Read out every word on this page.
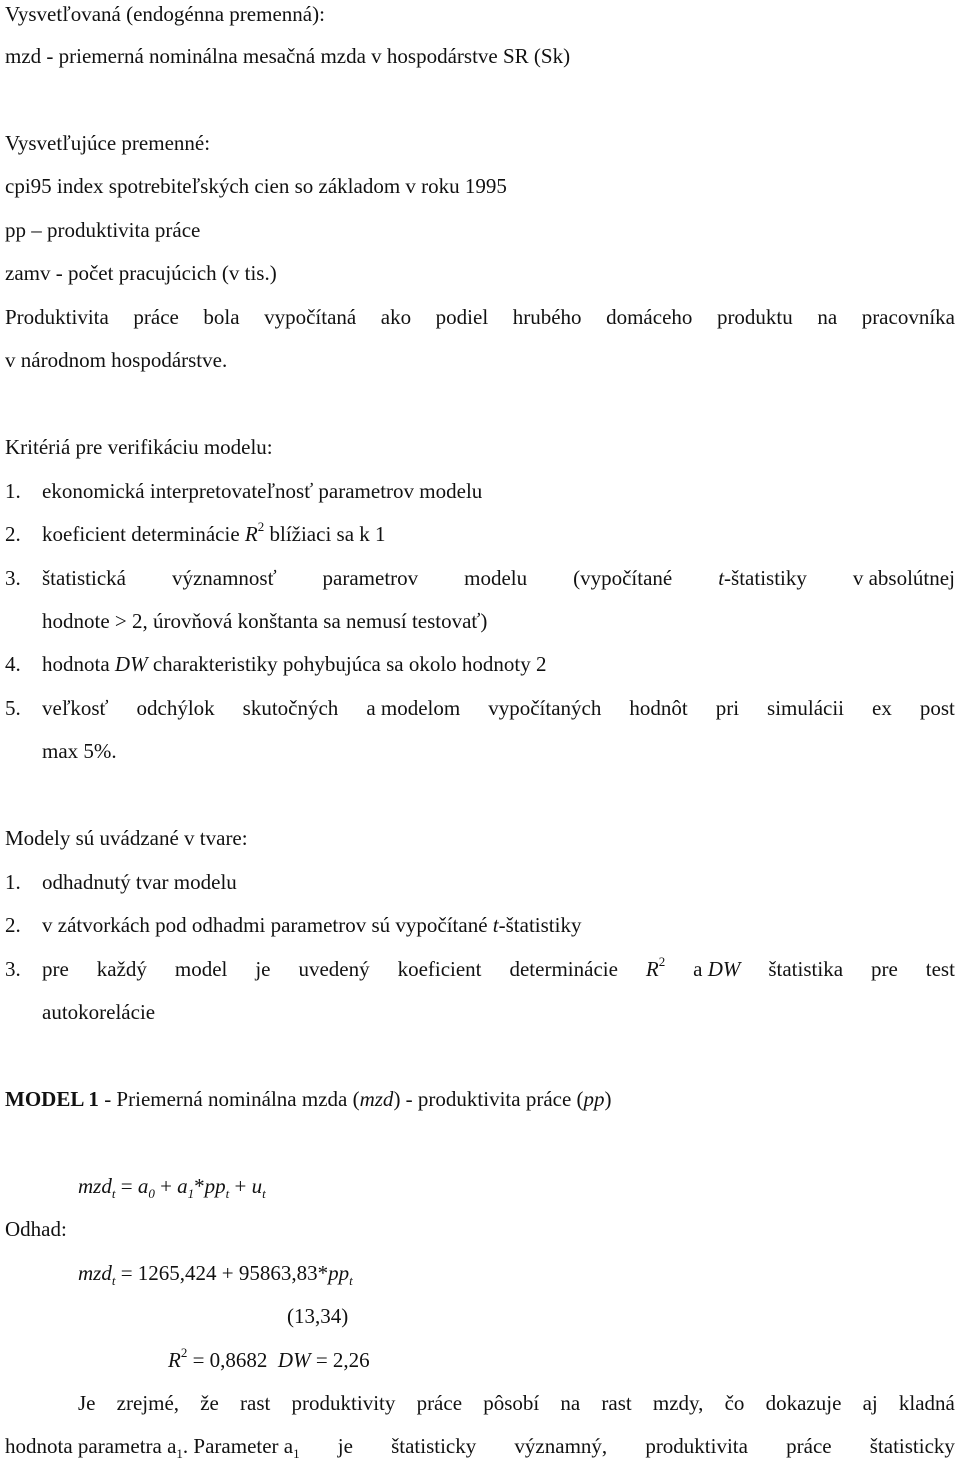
Vysvetľovaná (endogénna premenná):
mzd - priemerná nominálna mesačná mzda v hospodárstve SR (Sk)
Vysvetľujúce premenné:
cpi95 index spotrebiteľských cien so základom v roku 1995
pp – produktivita práce
zamv - počet pracujúcich (v tis.)
Produktivita práce bola vypočítaná ako podiel hrubého domáceho produktu na pracovníka
v národnom hospodárstve.
Kritériá pre verifikáciu modelu:
1. ekonomická interpretovateľnosť parametrov modelu
2. koeficient determinácie $R^2$ blížiaci sa k 1
3. štatistická významnosť parametrov modelu (vypočítané t-štatistiky v absolútnej
hodnote > 2, úrovňová konštanta sa nemusí testovať)
4. hodnota DW charakteristiky pohybujúca sa okolo hodnoty 2
5. veľkosť odchýlok skutočných a modelom vypočítaných hodnôt pri simulácii ex post
max 5%.
Modely sú uvádzané v tvare:
1. odhadnutý tvar modelu
2. v zátvorkách pod odhadmi parametrov sú vypočítané t-štatistiky
3. pre každý model je uvedený koeficient determinácie $R^2$ a DW štatistika pre test
autokorelácie
MODEL 1 - Priemerná nominálna mzda (mzd) - produktivita práce (pp)
$mzd_t = a_0 + a_1*pp_t + u_t$
Odhad:
$mzd_t = 1265,424 + 95863,83*pp_t$
(13,34)
$R^2 = 0,8682$  DW = 2,26
Je zrejmé, že rast produktivity práce pôsobí na rast mzdy, čo dokazuje aj kladná
hodnota parametra $a_1$. Parameter $a_1$ je štatisticky významný, produktivita práce štatisticky
